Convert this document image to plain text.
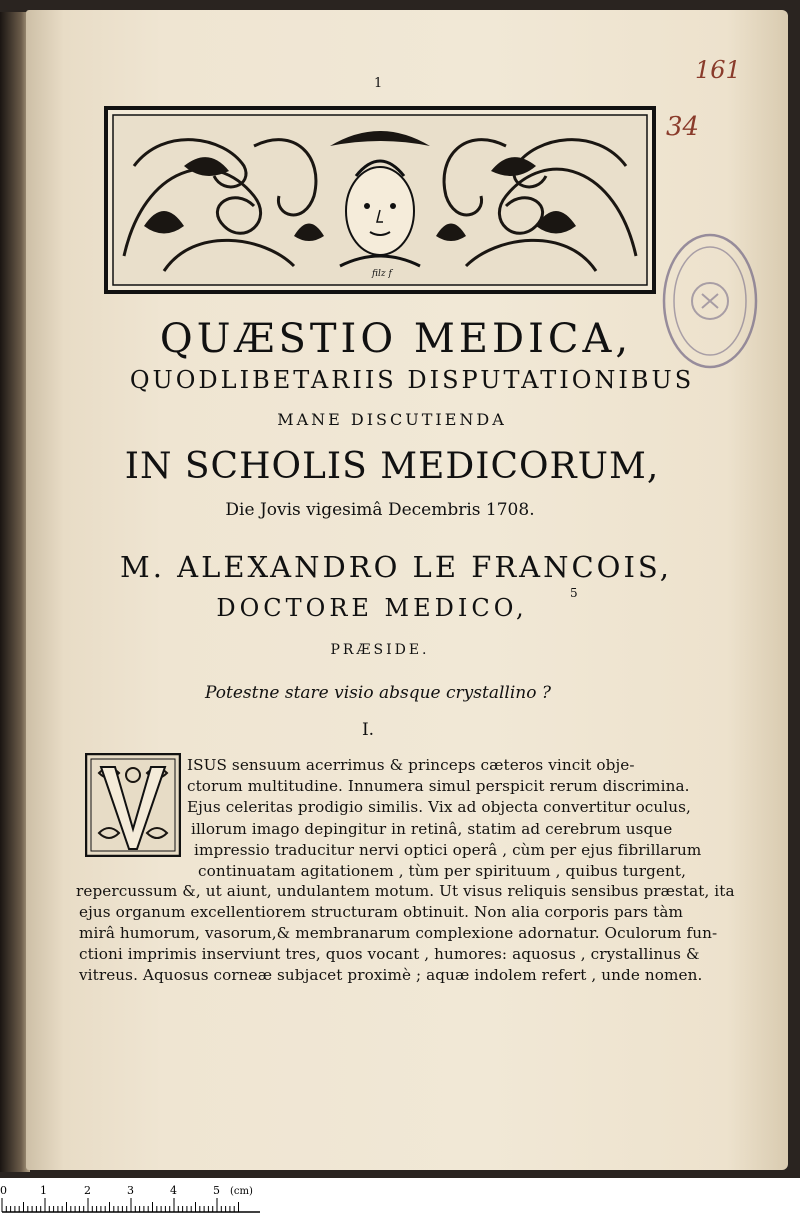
1	161
34
filz f
QUÆSTIO MEDICA,
QUODLIBETARIIS DISPUTATIONIBUS
MANE DISCUTIENDA
IN SCHOLIS MEDICORUM,
Die Jovis vigesimâ Decembris 1708.
M. ALEXANDRO LE FRANCOIS,
DOCTORE MEDICO,
5
PRÆSIDE.
Potestne stare visio absque crystallino ?
I.
ISUS sensuum acerrimus & princeps cæteros vincit obje-
ctorum multitudine. Innumera simul perspicit rerum discrimina.
Ejus celeritas prodigio similis. Vix ad objecta convertitur oculus,
illorum imago depingitur in retinâ, statim ad cerebrum usque
impressio traducitur nervi optici operâ , cùm per ejus fibrillarum
continuatam agitationem , tùm per spirituum , quibus turgent,
repercussum &, ut aiunt, undulantem motum. Ut visus reliquis sensibus præstat, ita
ejus organum excellentiorem structuram obtinuit. Non alia corporis pars tàm
mirâ humorum, vasorum,& membranarum complexione adornatur. Oculorum fun-
ctioni imprimis inserviunt tres, quos vocant , humores: aquosus , crystallinus &
vitreus. Aquosus corneæ subjacet proximè ; aquæ indolem refert , unde nomen.
0	1	2	3	4	5 (cm)
